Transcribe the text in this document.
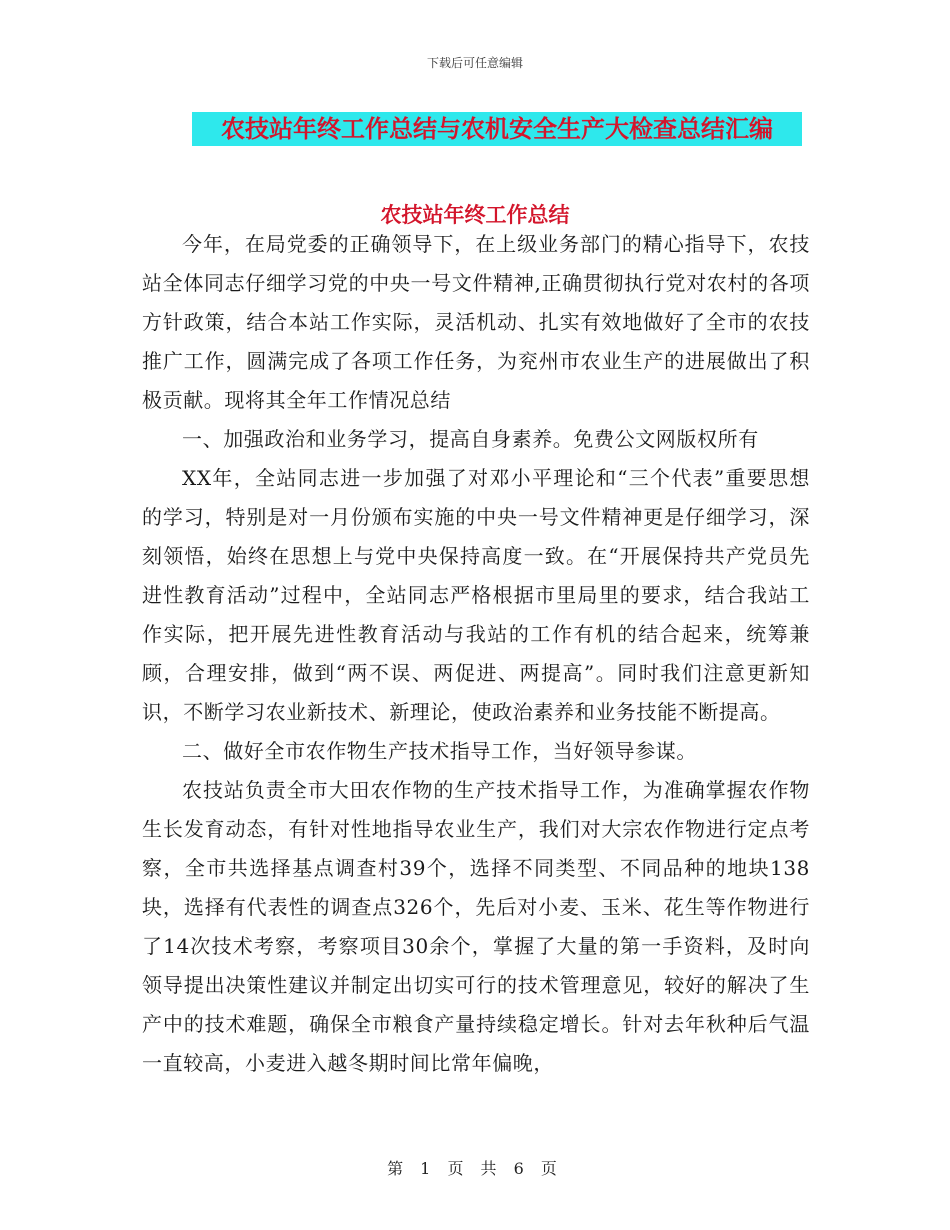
下载后可任意编辑
农技站年终工作总结与农机安全生产大检查总结汇编
农技站年终工作总结

今年，在局党委的正确领导下，在上级业务部门的精心指导下，农技站全体同志仔细学习党的中央一号文件精神,正确贯彻执行党对农村的各项方针政策，结合本站工作实际，灵活机动、扎实有效地做好了全市的农技推广工作，圆满完成了各项工作任务，为兖州市农业生产的进展做出了积极贡献。现将其全年工作情况总结

一、加强政治和业务学习，提高自身素养。免费公文网版权所有

XX年，全站同志进一步加强了对邓小平理论和“三个代表”重要思想的学习，特别是对一月份颁布实施的中央一号文件精神更是仔细学习，深刻领悟，始终在思想上与党中央保持高度一致。在“开展保持共产党员先进性教育活动”过程中，全站同志严格根据市里局里的要求，结合我站工作实际，把开展先进性教育活动与我站的工作有机的结合起来，统筹兼顾，合理安排，做到“两不误、两促进、两提高”。同时我们注意更新知识，不断学习农业新技术、新理论，使政治素养和业务技能不断提高。

二、做好全市农作物生产技术指导工作，当好领导参谋。

农技站负责全市大田农作物的生产技术指导工作，为准确掌握农作物生长发育动态，有针对性地指导农业生产，我们对大宗农作物进行定点考察，全市共选择基点调查村39个，选择不同类型、不同品种的地块138块，选择有代表性的调查点326个，先后对小麦、玉米、花生等作物进行了14次技术考察，考察项目30余个，掌握了大量的第一手资料，及时向领导提出决策性建议并制定出切实可行的技术管理意见，较好的解决了生产中的技术难题，确保全市粮食产量持续稳定增长。针对去年秋种后气温一直较高，小麦进入越冬期时间比常年偏晚，

第 1 页 共 6 页
